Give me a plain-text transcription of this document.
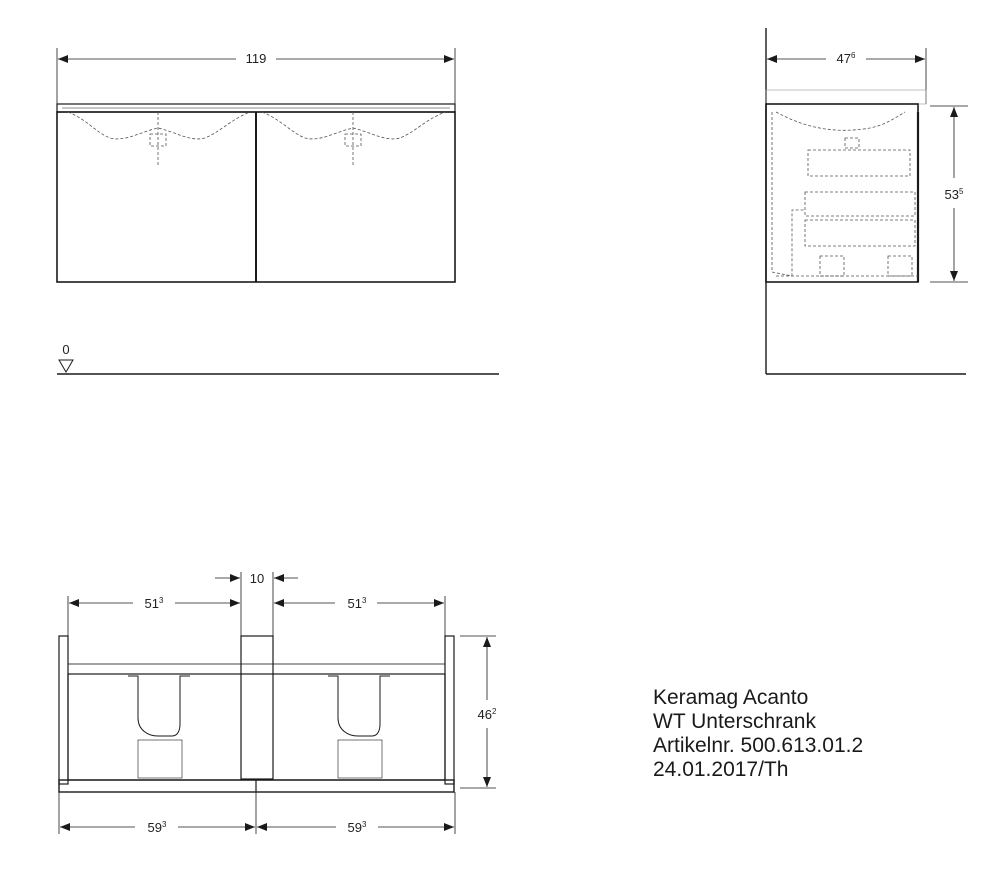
119
0
$47^6$
$53^5$
10
$51^3$	$51^3$
$46^2$
$59^3$	$59^3$
Keramag Acanto
WT Unterschrank
Artikelnr. 500.613.01.2
24.01.2017/Th
